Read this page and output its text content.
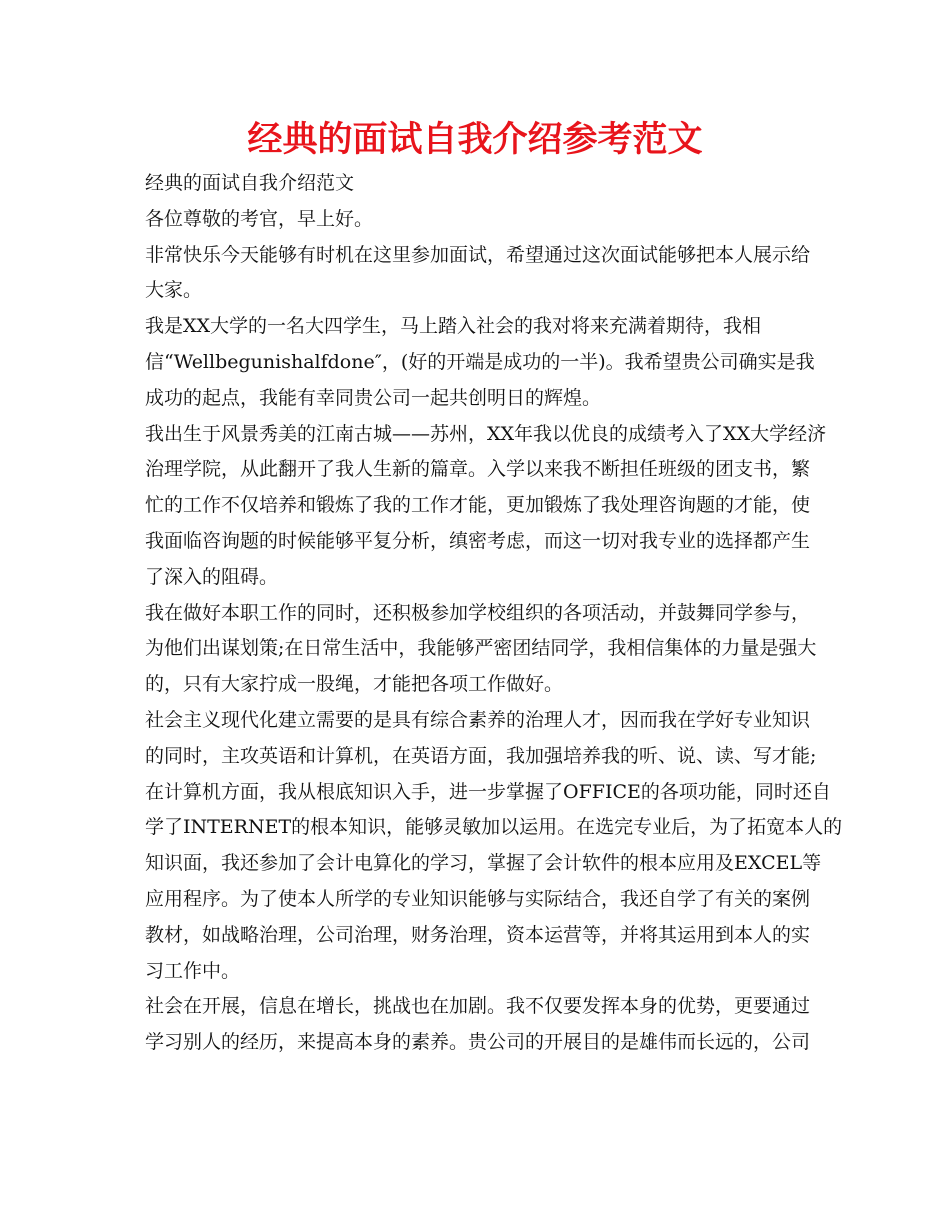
经典的面试自我介绍参考范文

经典的面试自我介绍范文

各位尊敬的考官，早上好。

非常快乐今天能够有时机在这里参加面试，希望通过这次面试能够把本人展示给

大家。

我是XX大学的一名大四学生，马上踏入社会的我对将来充满着期待，我相

信“Wellbegunishalfdone″，(好的开端是成功的一半)。我希望贵公司确实是我

成功的起点，我能有幸同贵公司一起共创明日的辉煌。

我出生于风景秀美的江南古城——苏州，XX年我以优良的成绩考入了XX大学经济

治理学院，从此翻开了我人生新的篇章。入学以来我不断担任班级的团支书，繁

忙的工作不仅培养和锻炼了我的工作才能，更加锻炼了我处理咨询题的才能，使

我面临咨询题的时候能够平复分析，缜密考虑，而这一切对我专业的选择都产生

了深入的阻碍。

我在做好本职工作的同时，还积极参加学校组织的各项活动，并鼓舞同学参与，

为他们出谋划策;在日常生活中，我能够严密团结同学，我相信集体的力量是强大

的，只有大家拧成一股绳，才能把各项工作做好。

社会主义现代化建立需要的是具有综合素养的治理人才，因而我在学好专业知识

的同时，主攻英语和计算机，在英语方面，我加强培养我的听、说、读、写才能;

在计算机方面，我从根底知识入手，进一步掌握了OFFICE的各项功能，同时还自

学了INTERNET的根本知识，能够灵敏加以运用。在选完专业后，为了拓宽本人的

知识面，我还参加了会计电算化的学习，掌握了会计软件的根本应用及EXCEL等

应用程序。为了使本人所学的专业知识能够与实际结合，我还自学了有关的案例

教材，如战略治理，公司治理，财务治理，资本运营等，并将其运用到本人的实

习工作中。

社会在开展，信息在增长，挑战也在加剧。我不仅要发挥本身的优势，更要通过

学习别人的经历，来提高本身的素养。贵公司的开展目的是雄伟而长远的，公司
